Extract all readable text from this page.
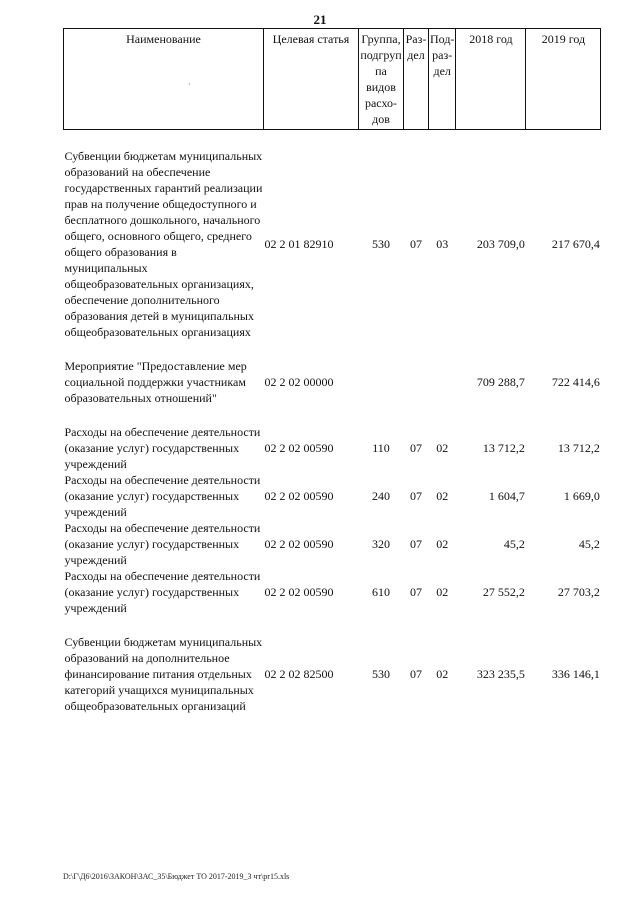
21
·
Наименование	Целевая статья	Группа, подгруп па видов расхо- дов	Раз- дел	Под- раз- дел	2018 год	2019 год

Субвенции бюджетам муниципальных образований на обеспечение государственных гарантий реализации прав на получение общедоступного и бесплатного дошкольного, начального общего, основного общего, среднего общего образования в муниципальных общеобразовательных организациях, обеспечение дополнительного образования детей в муниципальных общеобразовательных организациях	02 2 01 82910	530	07	03	203 709,0	217 670,4

Мероприятие "Предоставление мер социальной поддержки участникам образовательных отношений"	02 2 02 00000				709 288,7	722 414,6

Расходы на обеспечение деятельности (оказание услуг) государственных учреждений	02 2 02 00590	110	07	02	13 712,2	13 712,2
Расходы на обеспечение деятельности (оказание услуг) государственных учреждений	02 2 02 00590	240	07	02	1 604,7	1 669,0
Расходы на обеспечение деятельности (оказание услуг) государственных учреждений	02 2 02 00590	320	07	02	45,2	45,2
Расходы на обеспечение деятельности (оказание услуг) государственных учреждений	02 2 02 00590	610	07	02	27 552,2	27 703,2

Субвенции бюджетам муниципальных образований на дополнительное финансирование питания отдельных категорий учащихся муниципальных общеобразовательных организаций	02 2 02 82500	530	07	02	323 235,5	336 146,1
D:\Г\Д6\2016\ЗАКОН\ЗАС_35\Бюджет ТО 2017-2019_3 чт\pr15.xls
